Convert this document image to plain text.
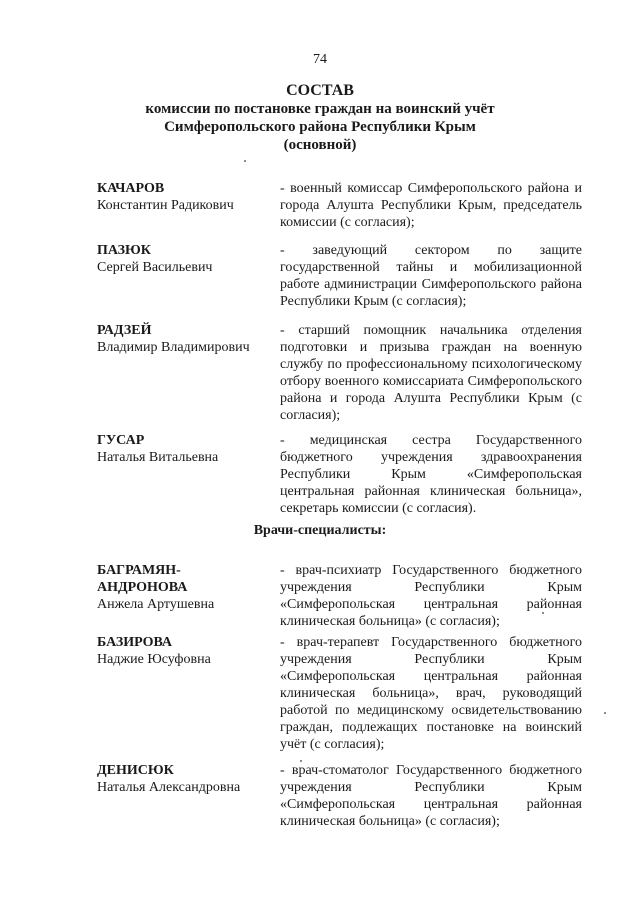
74
СОСТАВ
комиссии по постановке граждан на воинский учёт
Симферопольского района Республики Крым
(основной)
КАЧАРОВ
Константин Радикович
- военный комиссар Симферопольского района и города Алушта Республики Крым, председатель комиссии (с согласия);
ПАЗЮК
Сергей Васильевич
- заведующий сектором по защите государственной тайны и мобилизационной работе администрации Симферопольского района Республики Крым (с согласия);
РАДЗЕЙ
Владимир Владимирович
- старший помощник начальника отделения подготовки и призыва граждан на военную службу по профессиональному психологическому отбору военного комиссариата Симферопольского района и города Алушта Республики Крым (с согласия);
ГУСАР
Наталья Витальевна
- медицинская сестра Государственного бюджетного учреждения здравоохранения Республики Крым «Симферопольская центральная районная клиническая больница», секретарь комиссии (с согласия).
Врачи-специалисты:
БАГРАМЯН-
АНДРОНОВА
Анжела Артушевна
- врач-психиатр Государственного бюджетного учреждения Республики Крым «Симферопольская центральная районная клиническая больница» (с согласия);
БАЗИРОВА
Наджие Юсуфовна
- врач-терапевт Государственного бюджетного учреждения Республики Крым «Симферопольская центральная районная клиническая больница», врач, руководящий работой по медицинскому освидетельствованию граждан, подлежащих постановке на воинский учёт (с согласия);
ДЕНИСЮК
Наталья Александровна
- врач-стоматолог Государственного бюджетного учреждения Республики Крым «Симферопольская центральная районная клиническая больница» (с согласия);
